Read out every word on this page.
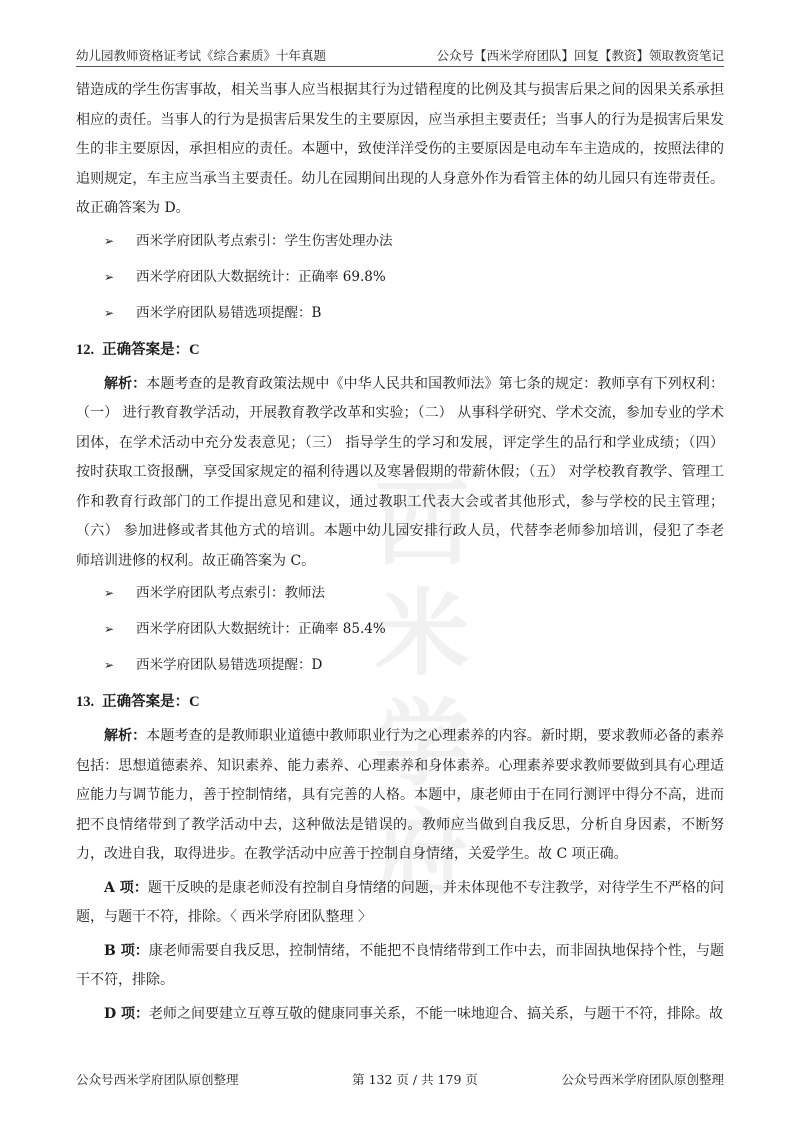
幼儿园教师资格证考试《综合素质》十年真题	公众号【西米学府团队】回复【教资】领取教资笔记
西米
学府

错造成的学生伤害事故，相关当事人应当根据其行为过错程度的比例及其与损害后果之间的因果关系承担相应的责任。当事人的行为是损害后果发生的主要原因，应当承担主要责任；当事人的行为是损害后果发生的非主要原因，承担相应的责任。本题中，致使洋洋受伤的主要原因是电动车车主造成的，按照法律的追则规定，车主应当承当主要责任。幼儿在园期间出现的人身意外作为看管主体的幼儿园只有连带责任。故正确答案为 D。

➢	西米学府团队考点索引：学生伤害处理办法
➢	西米学府团队大数据统计：正确率 69.8%
➢	西米学府团队易错选项提醒：B
12. 正确答案是：C

解析：本题考查的是教育政策法规中《中华人民共和国教师法》第七条的规定：教师享有下列权利：（一） 进行教育教学活动，开展教育教学改革和实验；（二） 从事科学研究、学术交流，参加专业的学术团体，在学术活动中充分发表意见；（三） 指导学生的学习和发展，评定学生的品行和学业成绩；（四） 按时获取工资报酬，享受国家规定的福利待遇以及寒暑假期的带薪休假；（五） 对学校教育教学、管理工作和教育行政部门的工作提出意见和建议，通过教职工代表大会或者其他形式，参与学校的民主管理；（六） 参加进修或者其他方式的培训。本题中幼儿园安排行政人员，代替李老师参加培训，侵犯了李老师培训进修的权利。故正确答案为 C。

➢	西米学府团队考点索引：教师法
➢	西米学府团队大数据统计：正确率 85.4%
➢	西米学府团队易错选项提醒：D
13. 正确答案是：C

解析：本题考查的是教师职业道德中教师职业行为之心理素养的内容。新时期，要求教师必备的素养包括：思想道德素养、知识素养、能力素养、心理素养和身体素养。心理素养要求教师要做到具有心理适应能力与调节能力，善于控制情绪，具有完善的人格。本题中，康老师由于在同行测评中得分不高，进而把不良情绪带到了教学活动中去，这种做法是错误的。教师应当做到自我反思，分析自身因素，不断努力，改进自我，取得进步。在教学活动中应善于控制自身情绪，关爱学生。故 C 项正确。

A 项：题干反映的是康老师没有控制自身情绪的问题，并未体现他不专注教学，对待学生不严格的问题，与题干不符，排除。〈 西米学府团队整理 〉

B 项：康老师需要自我反思，控制情绪，不能把不良情绪带到工作中去，而非固执地保持个性，与题干不符，排除。

D 项：老师之间要建立互尊互敬的健康同事关系，不能一味地迎合、搞关系，与题干不符，排除。故

公众号西米学府团队原创整理	第 132 页 / 共 179 页	公众号西米学府团队原创整理
